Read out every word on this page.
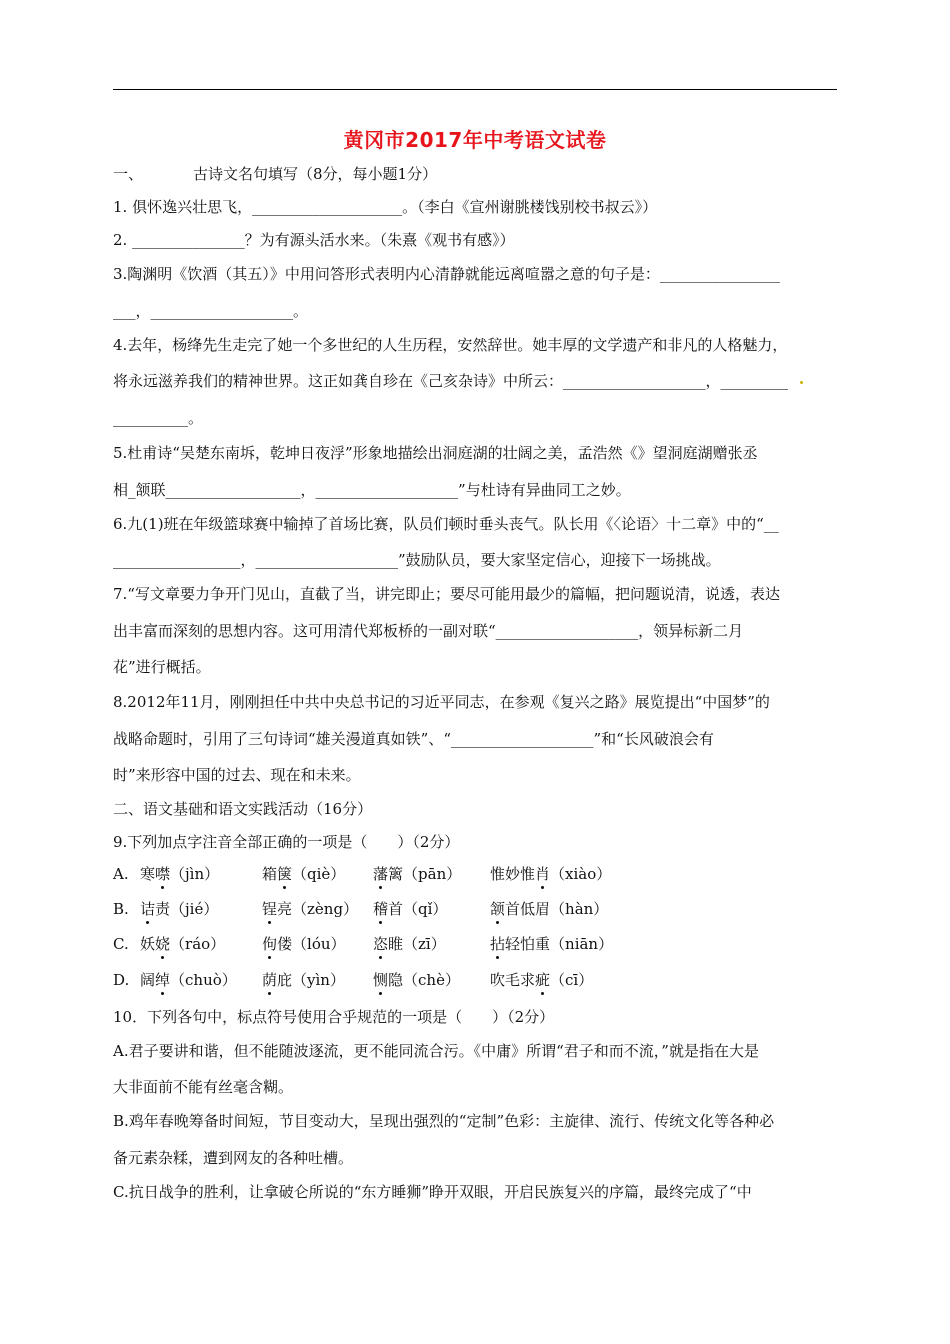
黄冈市2017年中考语文试卷
一、	古诗文名句填写（8分，每小题1分）
1. 俱怀逸兴壮思飞，____________________。（李白《宣州谢朓楼饯别校书叔云》）
2. _______________？为有源头活水来。（朱熹《观书有感》）
3.陶渊明《饮酒（其五）》中用问答形式表明内心清静就能远离喧嚣之意的句子是：________________
___，___________________。
4.去年，杨绛先生走完了她一个多世纪的人生历程，安然辞世。她丰厚的文学遗产和非凡的人格魅力，
将永远滋养我们的精神世界。这正如龚自珍在《己亥杂诗》中所云：___________________，_________
__________。
5.杜甫诗“吴楚东南坼，乾坤日夜浮”形象地描绘出洞庭湖的壮阔之美，孟浩然《》望洞庭湖赠张丞
相_颔联__________________，___________________”与杜诗有异曲同工之妙。
6.九(1)班在年级篮球赛中输掉了首场比赛，队员们顿时垂头丧气。队长用《〈论语〉十二章》中的“__
_________________，___________________”鼓励队员，要大家坚定信心，迎接下一场挑战。
7.“写文章要力争开门见山，直截了当，讲完即止；要尽可能用最少的篇幅，把问题说清，说透，表达
出丰富而深刻的思想内容。这可用清代郑板桥的一副对联“___________________，领异标新二月
花”进行概括。
8.2012年11月，刚刚担任中共中央总书记的习近平同志，在参观《复兴之路》展览提出“中国梦”的
战略命题时，引用了三句诗词“雄关漫道真如铁”、“___________________”和“长风破浪会有
时”来形容中国的过去、现在和未来。
二、语文基础和语文实践活动（16分）
9.下列加点字注音全部正确的一项是（　　）（2分）
A. 寒噤（jìn）	箱箧（qiè） 藩篱（pān） 惟妙惟肖（xiào）
B. 诘责（jié）	锃亮（zèng） 稽首（qǐ）	颔首低眉（hàn）
C. 妖娆（ráo） 佝偻（lóu） 恣睢（zī）	拈轻怕重（niān）
D. 阔绰（chuò） 荫庇（yìn） 恻隐（chè） 吹毛求疵（cī）
10．下列各句中，标点符号使用合乎规范的一项是（　　）（2分）
A.君子要讲和谐，但不能随波逐流，更不能同流合污。《中庸》所谓“君子和而不流，”就是指在大是
大非面前不能有丝毫含糊。
B.鸡年春晚筹备时间短，节目变动大，呈现出强烈的“定制”色彩：主旋律、流行、传统文化等各种必
备元素杂糅，遭到网友的各种吐槽。
C.抗日战争的胜利，让拿破仑所说的“东方睡狮”睁开双眼，开启民族复兴的序篇，最终完成了“中
